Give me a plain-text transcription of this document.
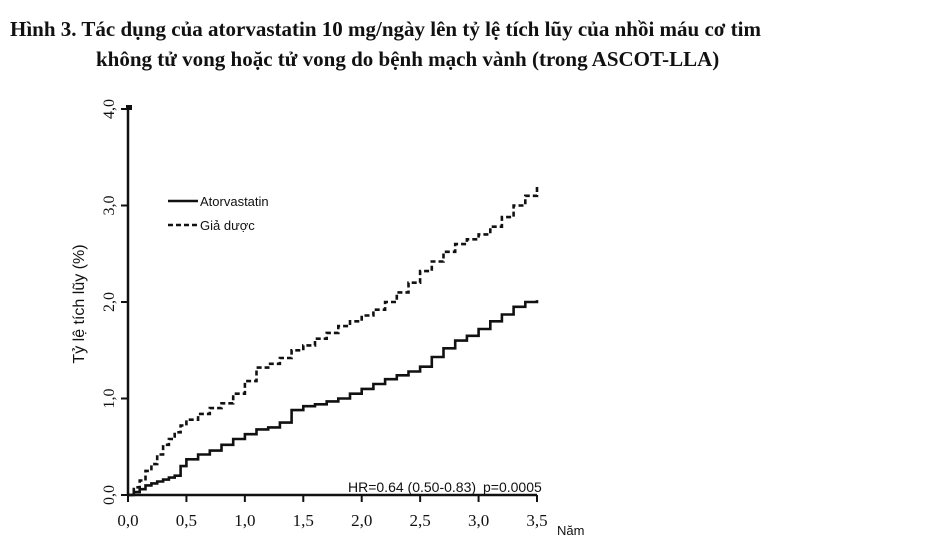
Hình 3. Tác dụng của atorvastatin 10 mg/ngày lên tỷ lệ tích lũy của nhồi máu cơ tim
không tử vong hoặc tử vong do bệnh mạch vành (trong ASCOT-LLA)
0,0 0,5 1,0 1,5 2,0 2,5 3,0 3,5
Năm
0,0
1,0
2,0
3,0
4,0
Tỷ lệ tích lũy (%)
Atorvastatin
Giả dược
HR=0.64 (0.50-0.83) p=0.0005
